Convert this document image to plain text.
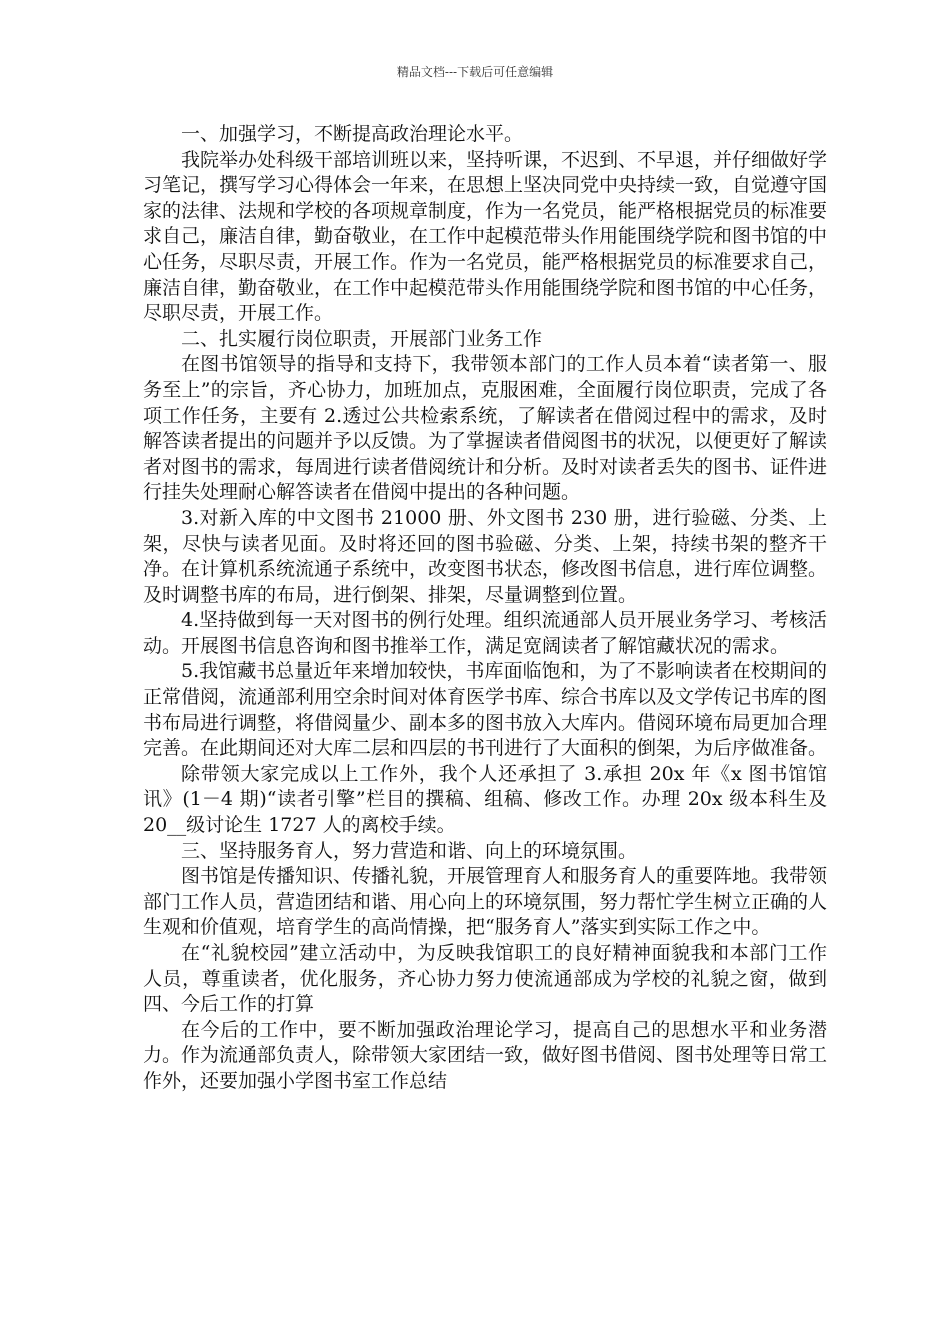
精品文档---下载后可任意编辑

一、加强学习，不断提高政治理论水平。

我院举办处科级干部培训班以来，坚持听课，不迟到、不早退，并仔细做好学习笔记，撰写学习心得体会一年来，在思想上坚决同党中央持续一致，自觉遵守国家的法律、法规和学校的各项规章制度，作为一名党员，能严格根据党员的标准要求自己，廉洁自律，勤奋敬业，在工作中起模范带头作用能围绕学院和图书馆的中心任务，尽职尽责，开展工作。作为一名党员，能严格根据党员的标准要求自己，廉洁自律，勤奋敬业，在工作中起模范带头作用能围绕学院和图书馆的中心任务，尽职尽责，开展工作。

二、扎实履行岗位职责，开展部门业务工作

在图书馆领导的指导和支持下，我带领本部门的工作人员本着“读者第一、服务至上”的宗旨，齐心协力，加班加点，克服困难，全面履行岗位职责，完成了各项工作任务，主要有 2.透过公共检索系统，了解读者在借阅过程中的需求，及时解答读者提出的问题并予以反馈。为了掌握读者借阅图书的状况，以便更好了解读者对图书的需求，每周进行读者借阅统计和分析。及时对读者丢失的图书、证件进行挂失处理耐心解答读者在借阅中提出的各种问题。

3.对新入库的中文图书 21000 册、外文图书 230 册，进行验磁、分类、上架，尽快与读者见面。及时将还回的图书验磁、分类、上架，持续书架的整齐干净。在计算机系统流通子系统中，改变图书状态，修改图书信息，进行库位调整。及时调整书库的布局，进行倒架、排架，尽量调整到位置。

4.坚持做到每一天对图书的例行处理。组织流通部人员开展业务学习、考核活动。开展图书信息咨询和图书推举工作，满足宽阔读者了解馆藏状况的需求。

5.我馆藏书总量近年来增加较快，书库面临饱和，为了不影响读者在校期间的正常借阅，流通部利用空余时间对体育医学书库、综合书库以及文学传记书库的图书布局进行调整，将借阅量少、副本多的图书放入大库内。借阅环境布局更加合理完善。在此期间还对大库二层和四层的书刊进行了大面积的倒架，为后序做准备。

除带领大家完成以上工作外，我个人还承担了 3.承担 20x 年《x 图书馆馆讯》(1－4 期)“读者引擎”栏目的撰稿、组稿、修改工作。办理 20x 级本科生及 20__级讨论生 1727 人的离校手续。

三、坚持服务育人，努力营造和谐、向上的环境氛围。

图书馆是传播知识、传播礼貌，开展管理育人和服务育人的重要阵地。我带领部门工作人员，营造团结和谐、用心向上的环境氛围，努力帮忙学生树立正确的人生观和价值观，培育学生的高尚情操，把“服务育人”落实到实际工作之中。

在“礼貌校园”建立活动中，为反映我馆职工的良好精神面貌我和本部门工作人员，尊重读者，优化服务，齐心协力努力使流通部成为学校的礼貌之窗，做到四、今后工作的打算

在今后的工作中，要不断加强政治理论学习，提高自己的思想水平和业务潜力。作为流通部负责人，除带领大家团结一致，做好图书借阅、图书处理等日常工作外，还要加强小学图书室工作总结
